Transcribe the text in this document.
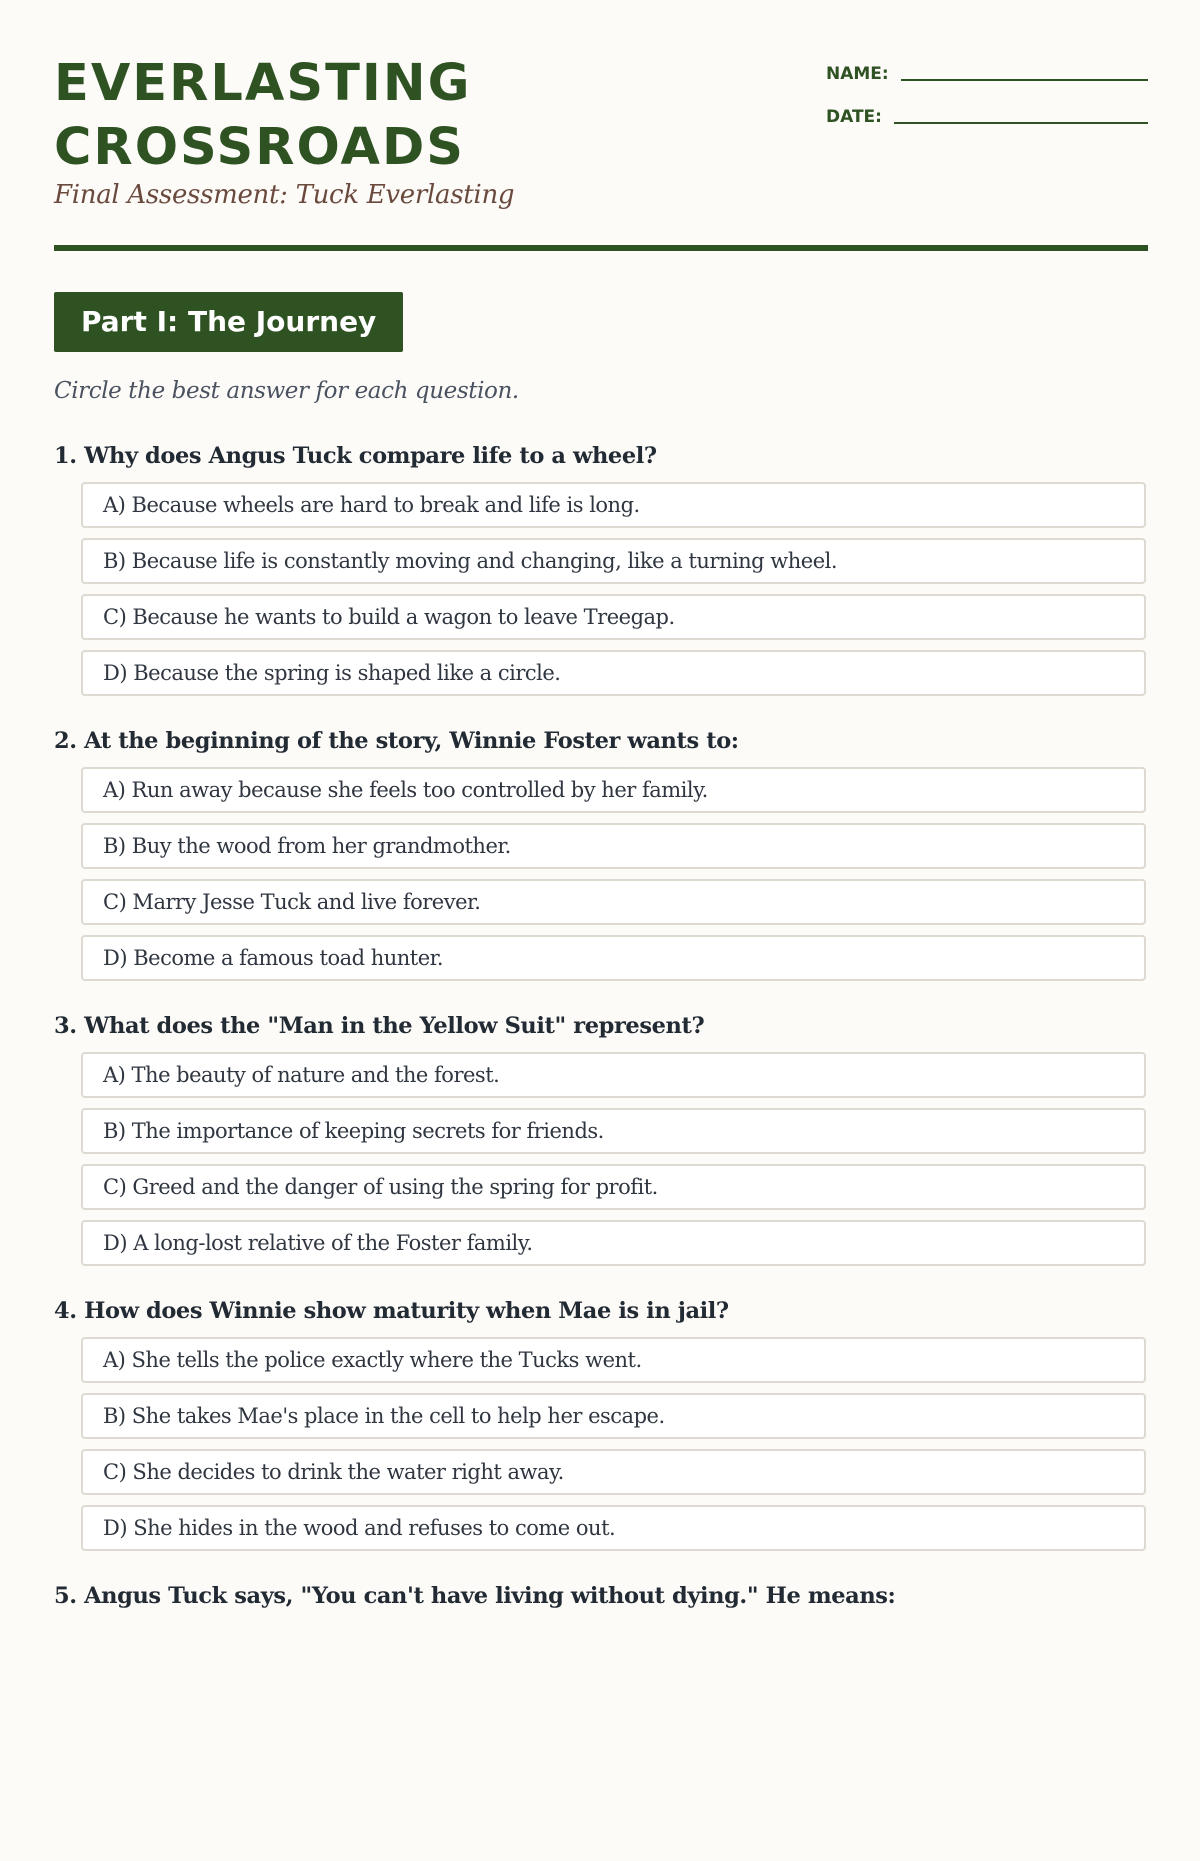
EVERLASTING CROSSROADS

Final Assessment: Tuck Everlasting

NAME:
DATE:
Part I: The Journey
Circle the best answer for each question.
1. Why does Angus Tuck compare life to a wheel?
A) Because wheels are hard to break and life is long.
B) Because life is constantly moving and changing, like a turning wheel.
C) Because he wants to build a wagon to leave Treegap.
D) Because the spring is shaped like a circle.
2. At the beginning of the story, Winnie Foster wants to:
A) Run away because she feels too controlled by her family.
B) Buy the wood from her grandmother.
C) Marry Jesse Tuck and live forever.
D) Become a famous toad hunter.
3. What does the "Man in the Yellow Suit" represent?
A) The beauty of nature and the forest.
B) The importance of keeping secrets for friends.
C) Greed and the danger of using the spring for profit.
D) A long-lost relative of the Foster family.
4. How does Winnie show maturity when Mae is in jail?
A) She tells the police exactly where the Tucks went.
B) She takes Mae's place in the cell to help her escape.
C) She decides to drink the water right away.
D) She hides in the wood and refuses to come out.
5. Angus Tuck says, "You can't have living without dying." He means:
